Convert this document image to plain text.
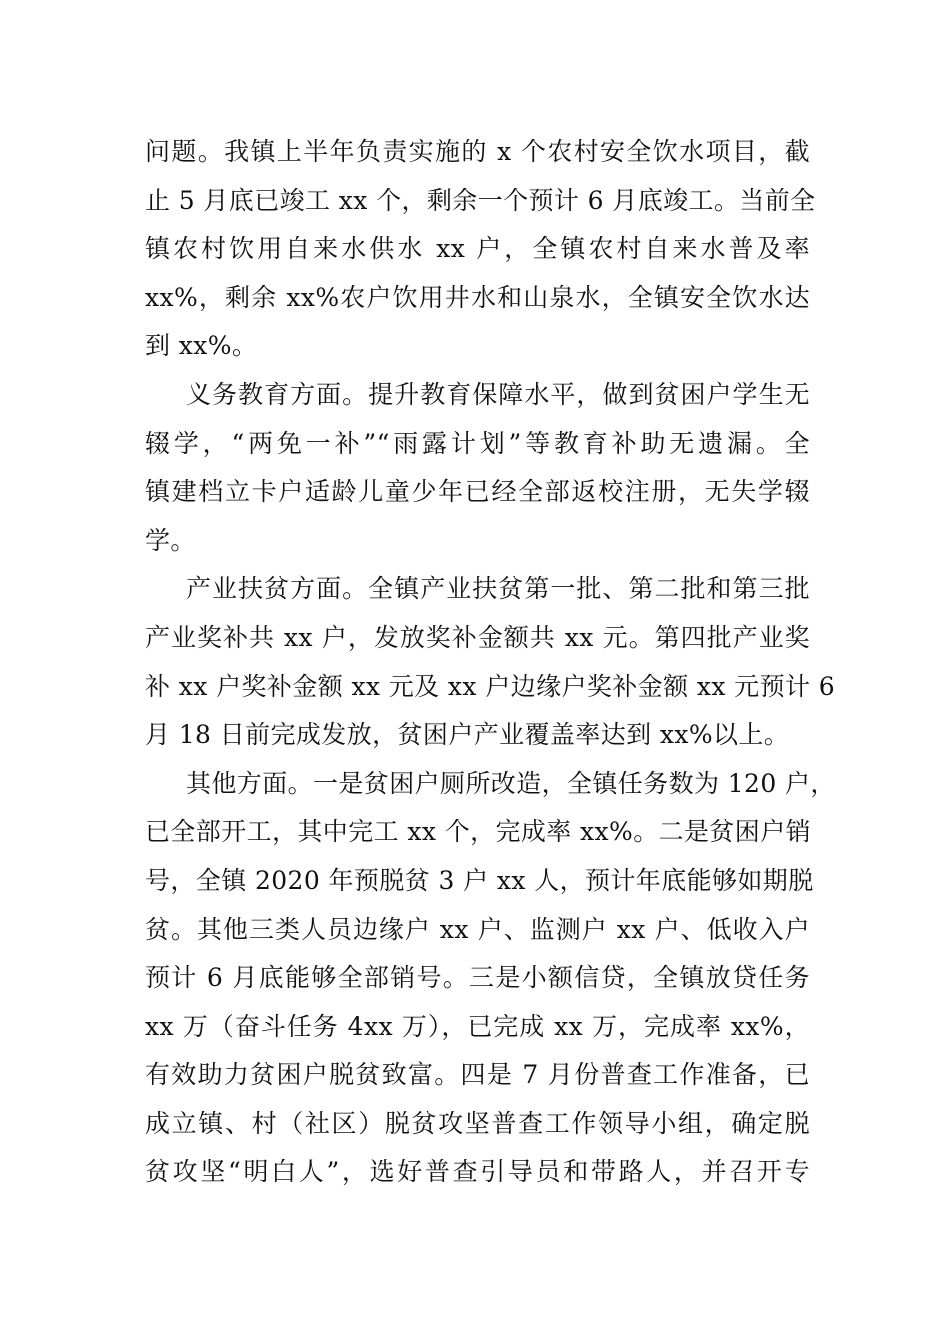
问题。我镇上半年负责实施的 x 个农村安全饮水项目，截
止 5 月底已竣工 xx 个，剩余一个预计 6 月底竣工。当前全
镇农村饮用自来水供水 xx 户，全镇农村自来水普及率
xx%，剩余 xx%农户饮用井水和山泉水，全镇安全饮水达
到 xx%。
义务教育方面。提升教育保障水平，做到贫困户学生无
辍学，“两免一补”“雨露计划”等教育补助无遗漏。全
镇建档立卡户适龄儿童少年已经全部返校注册，无失学辍
学。
产业扶贫方面。全镇产业扶贫第一批、第二批和第三批
产业奖补共 xx 户，发放奖补金额共 xx 元。第四批产业奖
补 xx 户奖补金额 xx 元及 xx 户边缘户奖补金额 xx 元预计 6
月 18 日前完成发放，贫困户产业覆盖率达到 xx%以上。
其他方面。一是贫困户厕所改造，全镇任务数为 120 户，
已全部开工，其中完工 xx 个，完成率 xx%。二是贫困户销
号，全镇 2020 年预脱贫 3 户 xx 人，预计年底能够如期脱
贫。其他三类人员边缘户 xx 户、监测户 xx 户、低收入户
预计 6 月底能够全部销号。三是小额信贷，全镇放贷任务
xx 万（奋斗任务 4xx 万），已完成 xx 万，完成率 xx%，
有效助力贫困户脱贫致富。四是 7 月份普查工作准备，已
成立镇、村（社区）脱贫攻坚普查工作领导小组，确定脱
贫攻坚“明白人”，选好普查引导员和带路人，并召开专
